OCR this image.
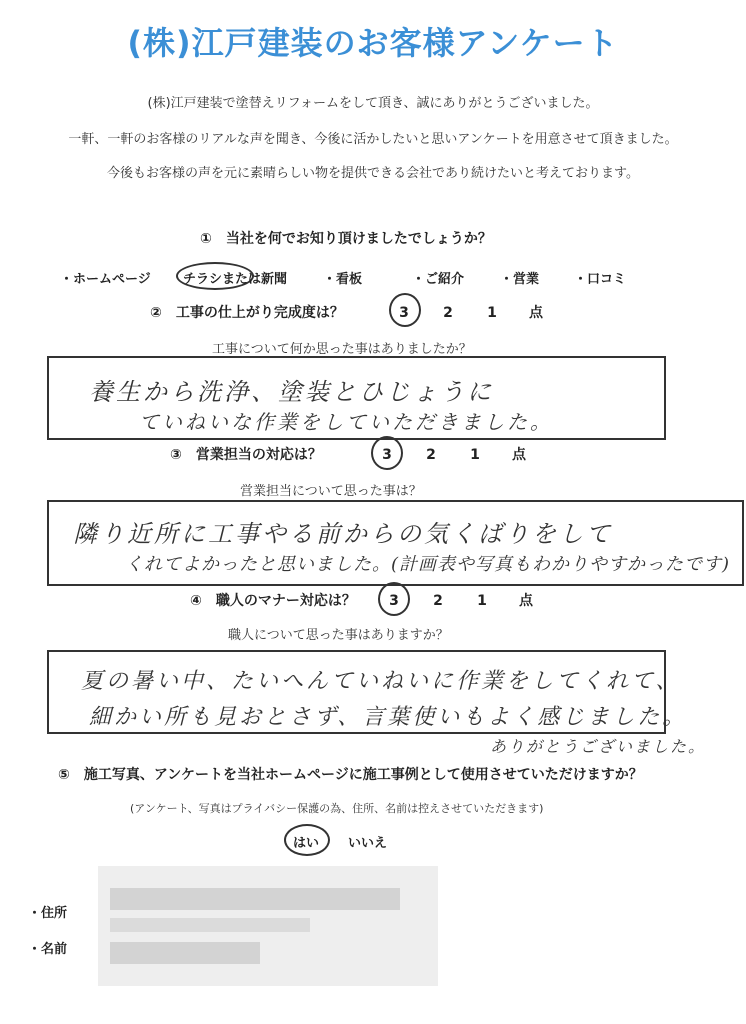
(株)江戸建装のお客様アンケート
(株)江戸建装で塗替えリフォームをして頂き、誠にありがとうございました。
一軒、一軒のお客様のリアルな声を聞き、今後に活かしたいと思いアンケートを用意させて頂きました。
今後もお客様の声を元に素晴らしい物を提供できる会社であり続けたいと考えております。
①　当社を何でお知り頂けましたでしょうか？
・ホームページ チラシまたは新聞	・看板	・ご紹介	・営業	・口コミ
②　工事の仕上がり完成度は？	3 2 1 点
工事について何か思った事はありましたか？
養生から洗浄、塗装とひじょうに
ていねいな作業をしていただきました。
③　営業担当の対応は？	3 2 1 点
営業担当について思った事は？
隣り近所に工事やる前からの気くばりをして
くれてよかったと思いました。(計画表や写真もわかりやすかったです)
④　職人のマナー対応は？	3 2 1 点
職人について思った事はありますか？
夏の暑い中、たいへんていねいに作業をしてくれて、
細かい所も見おとさず、言葉使いもよく感じました。
ありがとうございました。
⑤　施工写真、アンケートを当社ホームページに施工事例として使用させていただけますか？
(アンケート、写真はプライバシー保護の為、住所、名前は控えさせていただきます)
はい いいえ
・住所
・名前
